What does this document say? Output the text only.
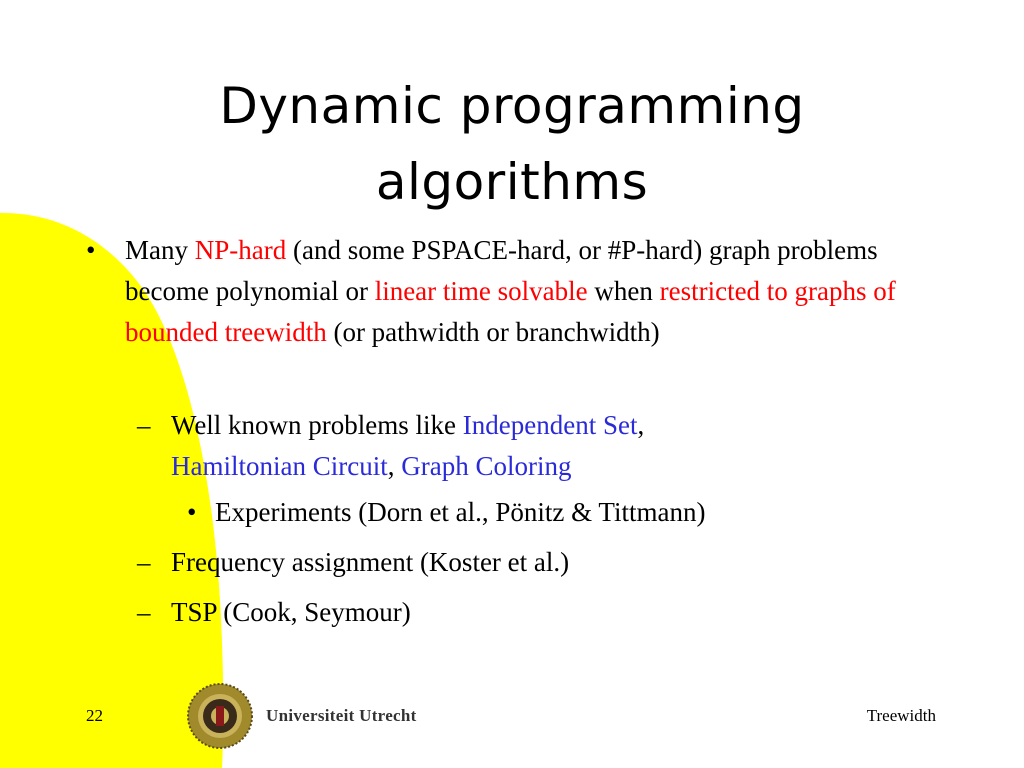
Dynamic programming
algorithms
• Many NP-hard (and some PSPACE-hard, or #P-hard) graph problems become polynomial or linear time solvable when restricted to graphs of bounded treewidth (or pathwidth or branchwidth)
– Well known problems like Independent Set, Hamiltonian Circuit, Graph Coloring
• Experiments (Dorn et al., Pönitz & Tittmann)
– Frequency assignment (Koster et al.)
– TSP (Cook, Seymour)
22	Universiteit Utrecht	Treewidth
